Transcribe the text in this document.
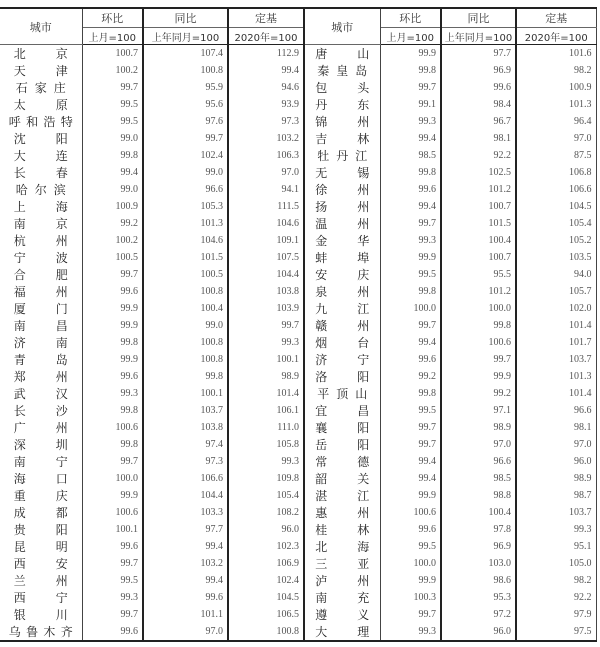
城市	环比	同比	定基	城市	环比	同比	定基
	上月=100	上年同月=100	2020年=100		上月=100	上年同月=100	2020年=100
北京	100.7	107.4	112.9	唐山	99.9	97.7	101.6
天津	100.2	100.8	99.4	秦皇岛	99.8	96.9	98.2
石家庄	99.7	95.9	94.6	包头	99.7	99.6	100.9
太原	99.5	95.6	93.9	丹东	99.1	98.4	101.3
呼和浩特	99.5	97.6	97.3	锦州	99.3	96.7	96.4
沈阳	99.0	99.7	103.2	吉林	99.4	98.1	97.0
大连	99.8	102.4	106.3	牡丹江	98.5	92.2	87.5
长春	99.4	99.0	97.0	无锡	99.8	102.5	106.8
哈尔滨	99.0	96.6	94.1	徐州	99.6	101.2	106.6
上海	100.9	105.3	111.5	扬州	99.4	100.7	104.5
南京	99.2	101.3	104.6	温州	99.7	101.5	105.4
杭州	100.2	104.6	109.1	金华	99.3	100.4	105.2
宁波	100.5	101.5	107.5	蚌埠	99.9	100.7	103.5
合肥	99.7	100.5	104.4	安庆	99.5	95.5	94.0
福州	99.6	100.8	103.8	泉州	99.8	101.2	105.7
厦门	99.9	100.4	103.9	九江	100.0	100.0	102.0
南昌	99.9	99.0	99.7	赣州	99.7	99.8	101.4
济南	99.8	100.8	99.3	烟台	99.4	100.6	101.7
青岛	99.9	100.8	100.1	济宁	99.6	99.7	103.7
郑州	99.6	99.8	98.9	洛阳	99.2	99.9	101.3
武汉	99.3	100.1	101.4	平顶山	99.8	99.2	101.4
长沙	99.8	103.7	106.1	宜昌	99.5	97.1	96.6
广州	100.6	103.8	111.0	襄阳	99.7	98.9	98.1
深圳	99.8	97.4	105.8	岳阳	99.7	97.0	97.0
南宁	99.7	97.3	99.3	常德	99.4	96.6	96.0
海口	100.0	106.6	109.8	韶关	99.4	98.5	98.9
重庆	99.9	104.4	105.4	湛江	99.9	98.8	98.7
成都	100.6	103.3	108.2	惠州	100.6	100.4	103.7
贵阳	100.1	97.7	96.0	桂林	99.6	97.8	99.3
昆明	99.6	99.4	102.3	北海	99.5	96.9	95.1
西安	99.7	103.2	106.9	三亚	100.0	103.0	105.0
兰州	99.5	99.4	102.4	泸州	99.9	98.6	98.2
西宁	99.3	99.6	104.5	南充	100.3	95.3	92.2
银川	99.7	101.1	106.5	遵义	99.7	97.2	97.9
乌鲁木齐	99.6	97.0	100.8	大理	99.3	96.0	97.5
